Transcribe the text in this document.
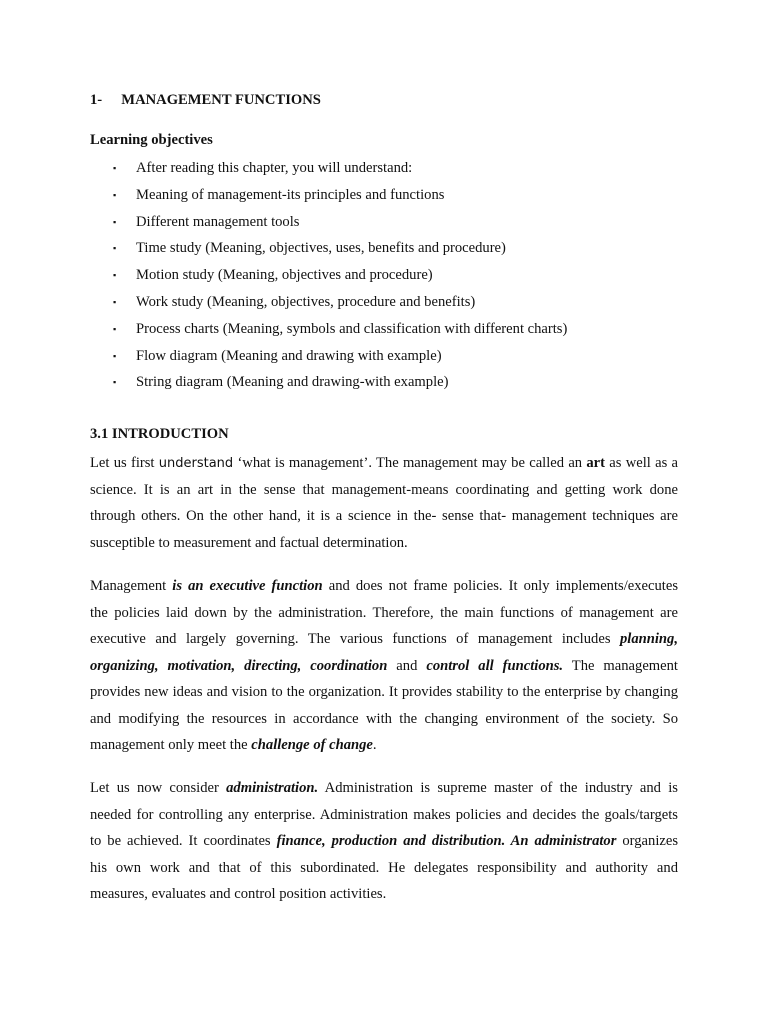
1- MANAGEMENT FUNCTIONS
Learning objectives
▪ After reading this chapter, you will understand:
▪ Meaning of management-its principles and functions
▪ Different management tools
▪ Time study (Meaning, objectives, uses, benefits and procedure)
▪ Motion study (Meaning, objectives and procedure)
▪ Work study (Meaning, objectives, procedure and benefits)
▪ Process charts (Meaning, symbols and classification with different charts)
▪ Flow diagram (Meaning and drawing with example)
▪ String diagram (Meaning and drawing-with example)
3.1 INTRODUCTION
Let us first understand ‘what is management’. The management may be called an art as well as a
science. It is an art in the sense that management-means coordinating and getting work done
through others. On the other hand, it is a science in the- sense that- management techniques are
susceptible to measurement and factual determination.
Management is an executive function and does not frame policies. It only implements/executes
the policies laid down by the administration. Therefore, the main functions of management are
executive and largely governing. The various functions of management includes planning,
organizing, motivation, directing, coordination and control all functions. The management
provides new ideas and vision to the organization. It provides stability to the enterprise by changing
and modifying the resources in accordance with the changing environment of the society. So
management only meet the challenge of change.
Let us now consider administration. Administration is supreme master of the industry and is
needed for controlling any enterprise. Administration makes policies and decides the goals/targets
to be achieved. It coordinates finance, production and distribution. An administrator organizes
his own work and that of this subordinated. He delegates responsibility and authority and
measures, evaluates and control position activities.
